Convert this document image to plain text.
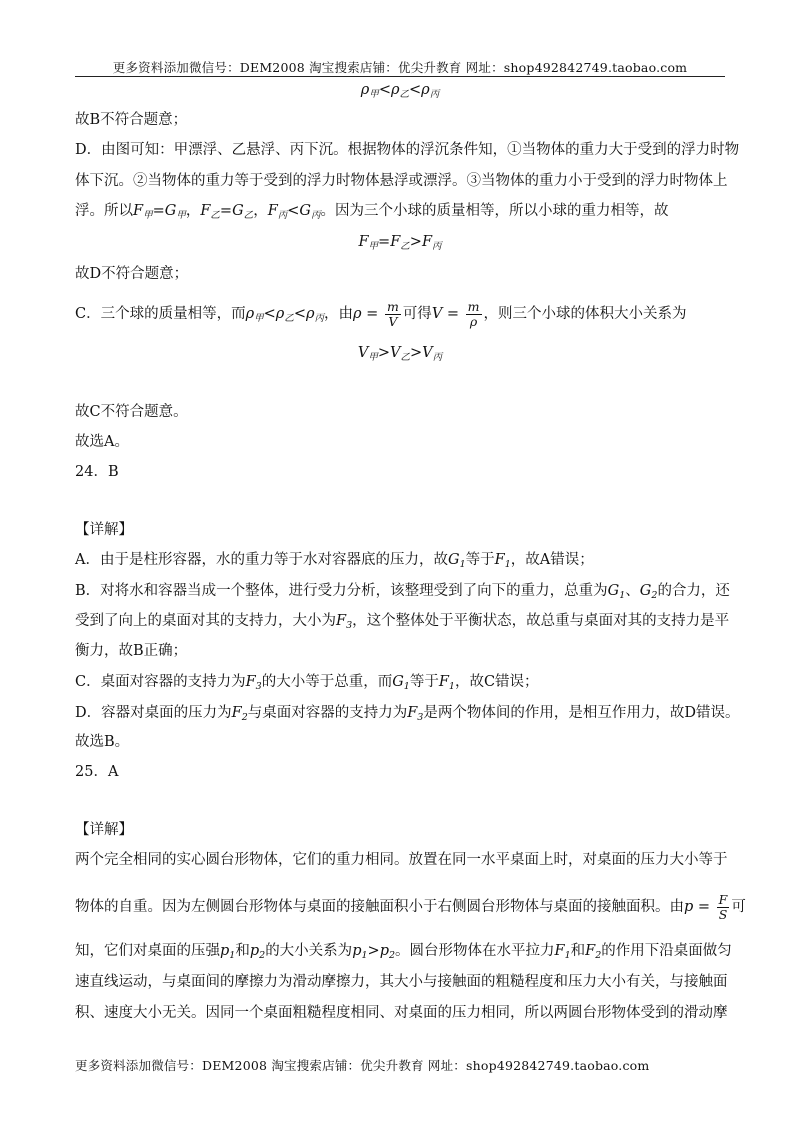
更多资料添加微信号：DEM2008 淘宝搜索店铺：优尖升教育 网址：shop492842749.taobao.com
$\rho_甲<\rho_乙<\rho_丙$
故B不符合题意；
D．由图可知：甲漂浮、乙悬浮、丙下沉。根据物体的浮沉条件知，①当物体的重力大于受到的浮力时物
体下沉。②当物体的重力等于受到的浮力时物体悬浮或漂浮。③当物体的重力小于受到的浮力时物体上
浮。所以$F_甲=G_甲$，$F_乙=G_乙$，$F_丙<G_丙$。因为三个小球的质量相等，所以小球的重力相等，故
$F_甲=F_乙>F_丙$
故D不符合题意；
C．三个球的质量相等，而$\rho_甲<\rho_乙<\rho_丙$，由$\rho = \frac{m}{V}$ 可得$V = \frac{m}{\rho}$ ，则三个小球的体积大小关系为
$V_甲>V_乙>V_丙$
故C不符合题意。
故选A。
24．B
【详解】
A．由于是柱形容器，水的重力等于水对容器底的压力，故$G_1$等于$F_1$，故A错误；
B．对将水和容器当成一个整体，进行受力分析，该整理受到了向下的重力，总重为$G_1$、$G_2$的合力，还
受到了向上的桌面对其的支持力，大小为$F_3$，这个整体处于平衡状态，故总重与桌面对其的支持力是平
衡力，故B正确；
C．桌面对容器的支持力为$F_3$的大小等于总重，而$G_1$等于$F_1$，故C错误；
D．容器对桌面的压力为$F_2$与桌面对容器的支持力为$F_3$是两个物体间的作用，是相互作用力，故D错误。
故选B。
25．A
【详解】
两个完全相同的实心圆台形物体，它们的重力相同。放置在同一水平桌面上时，对桌面的压力大小等于
物体的自重。因为左侧圆台形物体与桌面的接触面积小于右侧圆台形物体与桌面的接触面积。由$p = \frac{F}{S}$ 可
知，它们对桌面的压强$p_1$和$p_2$的大小关系为$p_1>p_2$。圆台形物体在水平拉力$F_1$和$F_2$的作用下沿桌面做匀
速直线运动，与桌面间的摩擦力为滑动摩擦力，其大小与接触面的粗糙程度和压力大小有关，与接触面
积、速度大小无关。因同一个桌面粗糙程度相同、对桌面的压力相同，所以两圆台形物体受到的滑动摩
更多资料添加微信号：DEM2008 淘宝搜索店铺：优尖升教育 网址：shop492842749.taobao.com
